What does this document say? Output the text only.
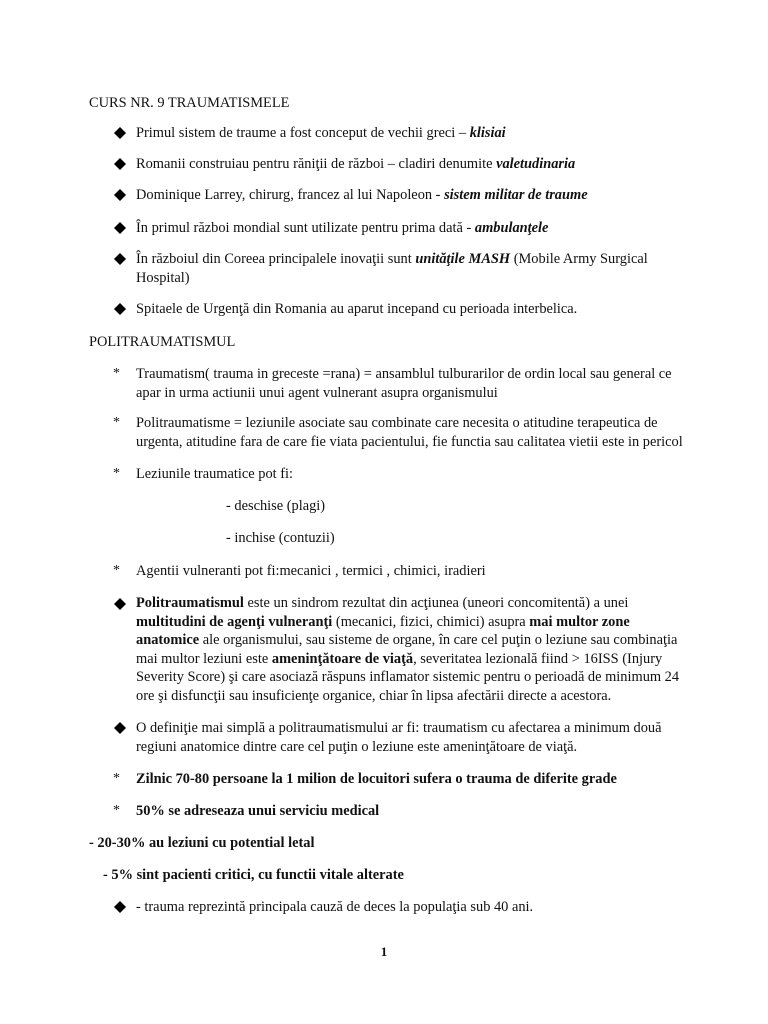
CURS NR. 9 TRAUMATISMELE
Primul sistem de traume a fost conceput de vechii greci – klisiai
Romanii construiau pentru răniţii de război – cladiri denumite valetudinaria
Dominique Larrey, chirurg, francez al lui Napoleon - sistem militar de traume
În primul război mondial sunt utilizate pentru prima dată - ambulanţele
În războiul din Coreea principalele inovaţii sunt unităţile MASH (Mobile Army Surgical Hospital)
Spitaele de Urgenţă din Romania au aparut incepand cu perioada interbelica.
POLITRAUMATISMUL
* Traumatism( trauma in greceste =rana) = ansamblul tulburarilor de ordin local sau general ce apar in urma actiunii unui agent vulnerant asupra organismului
* Politraumatisme = leziunile asociate sau combinate care necesita o atitudine terapeutica de urgenta, atitudine fara de care fie viata pacientului, fie functia sau calitatea vietii este in pericol
* Leziunile traumatice pot fi:
- deschise (plagi)
- inchise (contuzii)
* Agentii vulneranti pot fi:mecanici , termici , chimici, iradieri
Politraumatismul este un sindrom rezultat din acţiunea (uneori concomitentă) a unei multitudini de agenţi vulneranţi (mecanici, fizici, chimici) asupra mai multor zone anatomice ale organismului, sau sisteme de organe, în care cel puţin o leziune sau combinaţia mai multor leziuni este ameninţătoare de viaţă, severitatea lezională fiind > 16ISS (Injury Severity Score) şi care asociază răspuns inflamator sistemic pentru o perioadă de minimum 24 ore şi disfuncţii sau insuficienţe organice, chiar în lipsa afectării directe a acestora.
O definiţie mai simplă a politraumatismului ar fi: traumatism cu afectarea a minimum două regiuni anatomice dintre care cel puţin o leziune este ameninţătoare de viaţă.
* Zilnic 70-80 persoane la 1 milion de locuitori sufera o trauma de diferite grade
* 50% se adreseaza unui serviciu medical
- 20-30% au leziuni cu potential letal
- 5% sint pacienti critici, cu functii vitale alterate
- trauma reprezintă principala cauză de deces la populaţia sub 40 ani.
1
